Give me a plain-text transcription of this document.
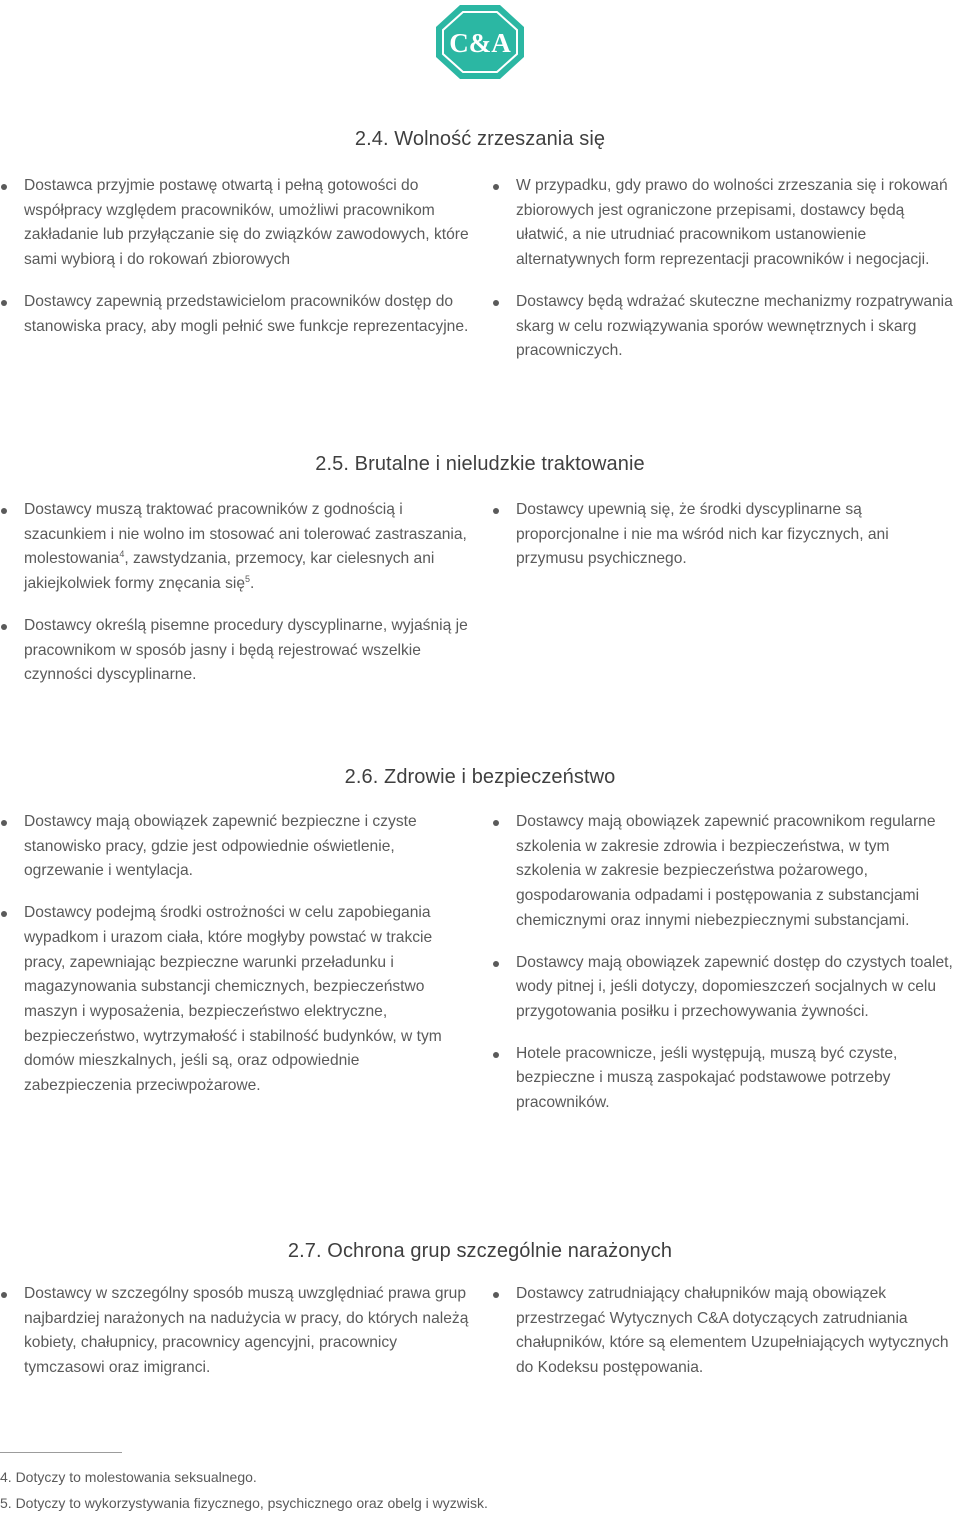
C&A
2.4. Wolność zrzeszania się
Dostawca przyjmie postawę otwartą i pełną gotowości do współpracy względem pracowników, umożliwi pracownikom zakładanie lub przyłączanie się do związków zawodowych, które sami wybiorą i do rokowań zbiorowych
Dostawcy zapewnią przedstawicielom pracowników dostęp do stanowiska pracy, aby mogli pełnić swe funkcje reprezentacyjne.
W przypadku, gdy prawo do wolności zrzeszania się i rokowań zbiorowych jest ograniczone przepisami, dostawcy będą ułatwić, a nie utrudniać pracownikom ustanowienie alternatywnych form reprezentacji pracowników i negocjacji.
Dostawcy będą wdrażać skuteczne mechanizmy rozpatrywania skarg w celu rozwiązywania sporów wewnętrznych i skarg pracowniczych.
2.5. Brutalne i nieludzkie traktowanie
Dostawcy muszą traktować pracowników z godnością i szacunkiem i nie wolno im stosować ani tolerować zastraszania, molestowania$^4$, zawstydzania, przemocy, kar cielesnych ani jakiejkolwiek formy znęcania się$^5$.
Dostawcy określą pisemne procedury dyscyplinarne, wyjaśnią je pracownikom w sposób jasny i będą rejestrować wszelkie czynności dyscyplinarne.
Dostawcy upewnią się, że środki dyscyplinarne są proporcjonalne i nie ma wśród nich kar fizycznych, ani przymusu psychicznego.
2.6. Zdrowie i bezpieczeństwo
Dostawcy mają obowiązek zapewnić bezpieczne i czyste stanowisko pracy, gdzie jest odpowiednie oświetlenie, ogrzewanie i wentylacja.
Dostawcy podejmą środki ostrożności w celu zapobiegania wypadkom i urazom ciała, które mogłyby powstać w trakcie pracy, zapewniając bezpieczne warunki przeładunku i magazynowania substancji chemicznych, bezpieczeństwo maszyn i wyposażenia, bezpieczeństwo elektryczne, bezpieczeństwo, wytrzymałość i stabilność budynków, w tym domów mieszkalnych, jeśli są, oraz odpowiednie zabezpieczenia przeciwpożarowe.
Dostawcy mają obowiązek zapewnić pracownikom regularne szkolenia w zakresie zdrowia i bezpieczeństwa, w tym szkolenia w zakresie bezpieczeństwa pożarowego, gospodarowania odpadami i postępowania z substancjami chemicznymi oraz innymi niebezpiecznymi substancjami.
Dostawcy mają obowiązek zapewnić dostęp do czystych toalet, wody pitnej i, jeśli dotyczy, dopomieszczeń socjalnych w celu przygotowania posiłku i przechowywania żywności.
Hotele pracownicze, jeśli występują, muszą być czyste, bezpieczne i muszą zaspokajać podstawowe potrzeby pracowników.
2.7. Ochrona grup szczególnie narażonych
Dostawcy w szczególny sposób muszą uwzględniać prawa grup najbardziej narażonych na nadużycia w pracy, do których należą kobiety, chałupnicy, pracownicy agencyjni, pracownicy tymczasowi oraz imigranci.
Dostawcy zatrudniający chałupników mają obowiązek przestrzegać Wytycznych C&A dotyczących zatrudniania chałupników, które są elementem Uzupełniających wytycznych do Kodeksu postępowania.
4. Dotyczy to molestowania seksualnego.
5. Dotyczy to wykorzystywania fizycznego, psychicznego oraz obelg i wyzwisk.
